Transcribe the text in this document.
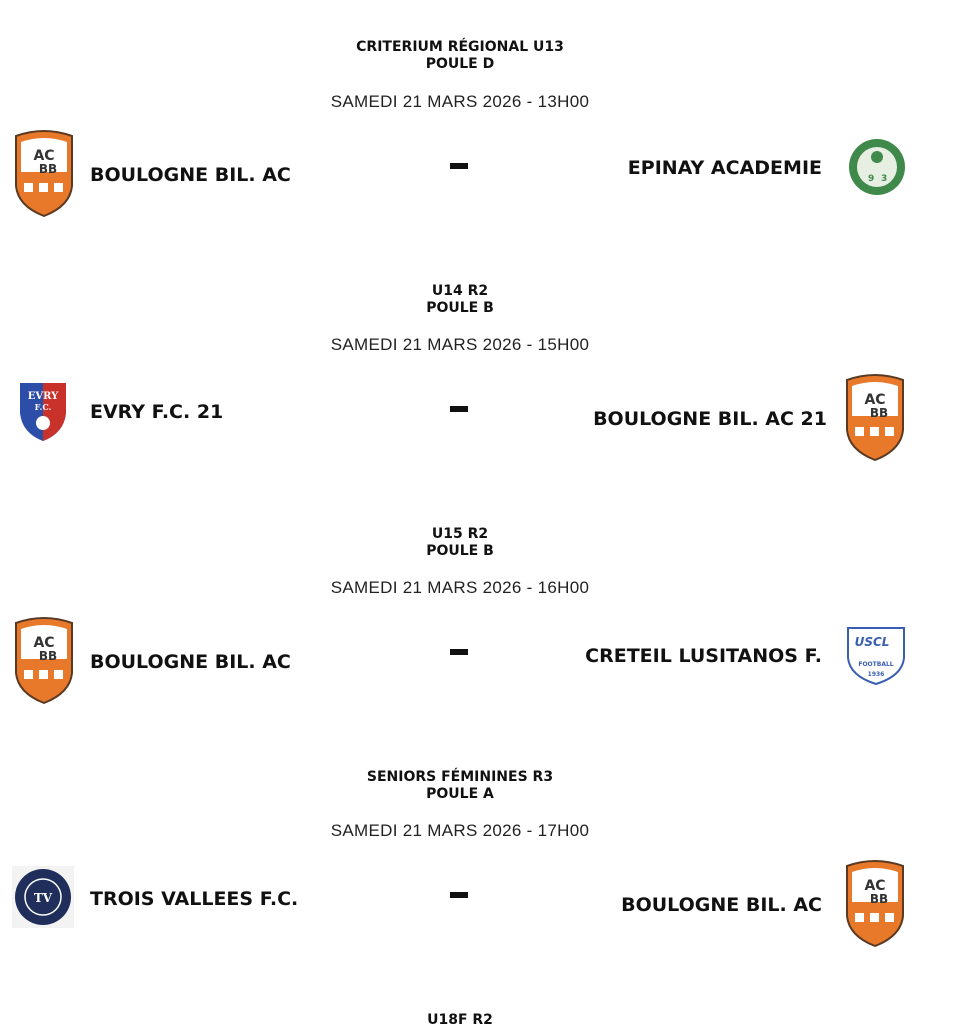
CRITERIUM RÉGIONAL U13
POULE D
SAMEDI 21 MARS 2026 - 13H00
AC
BB BOULOGNE BIL. AC	EPINAY ACADEMIE	9 3
U14 R2
POULE B
SAMEDI 21 MARS 2026 - 15H00
EVRY
F.C. EVRY F.C. 21	BOULOGNE BIL. AC 21
AC
BB
U15 R2
POULE B
SAMEDI 21 MARS 2026 - 16H00
AC
BB BOULOGNE BIL. AC	CRETEIL LUSITANOS F.
USCL
FOOTBALL
1936
SENIORS FÉMININES R3
POULE A
SAMEDI 21 MARS 2026 - 17H00
TV TROIS VALLEES F.C.	BOULOGNE BIL. AC
AC
BB
U18F R2
